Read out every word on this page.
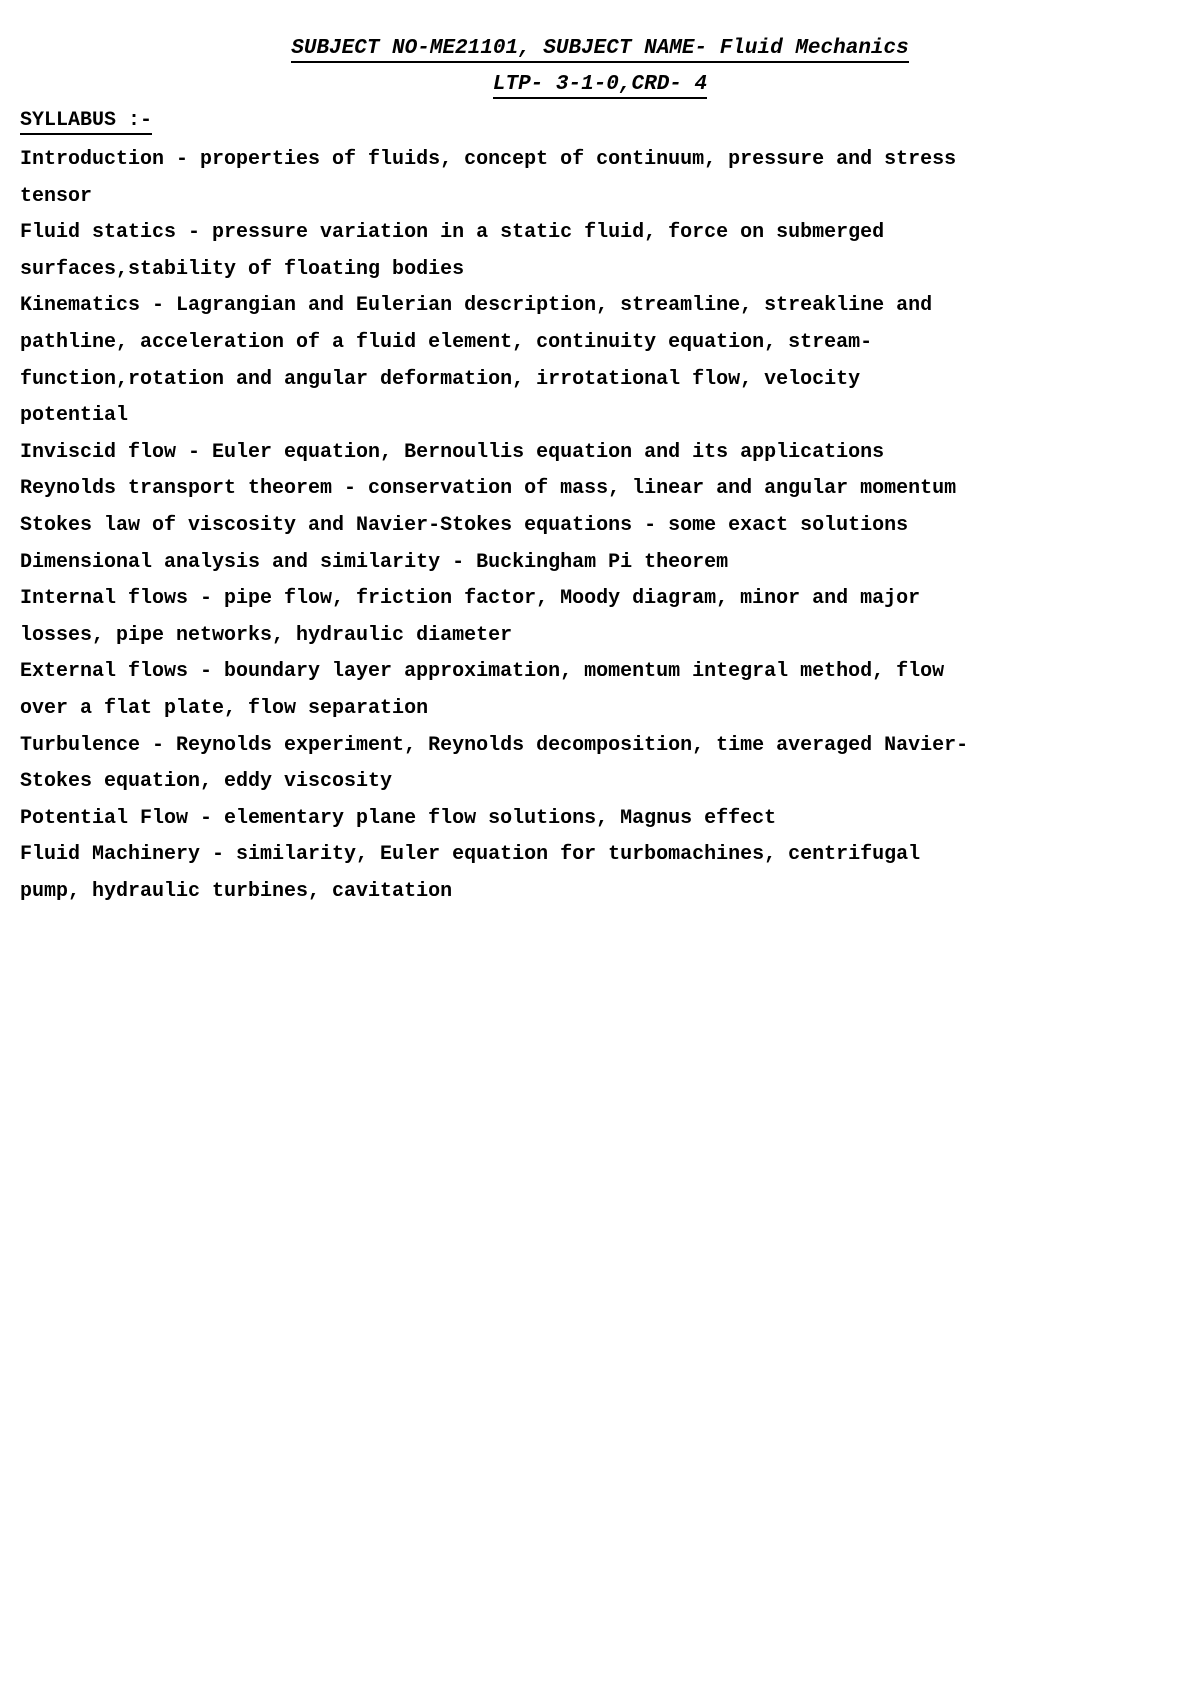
SUBJECT NO-ME21101, SUBJECT NAME- Fluid Mechanics
LTP- 3-1-0,CRD- 4
SYLLABUS :-

Introduction - properties of fluids, concept of continuum, pressure and stress
tensor

Fluid statics - pressure variation in a static fluid, force on submerged
surfaces,stability of floating bodies

Kinematics - Lagrangian and Eulerian description, streamline, streakline and
pathline, acceleration of a fluid element, continuity equation, stream-
function,rotation and angular deformation, irrotational flow, velocity
potential

Inviscid flow - Euler equation, Bernoullis equation and its applications

Reynolds transport theorem - conservation of mass, linear and angular momentum

Stokes law of viscosity and Navier-Stokes equations - some exact solutions

Dimensional analysis and similarity - Buckingham Pi theorem

Internal flows - pipe flow, friction factor, Moody diagram, minor and major
losses, pipe networks, hydraulic diameter

External flows - boundary layer approximation, momentum integral method, flow
over a flat plate, flow separation

Turbulence - Reynolds experiment, Reynolds decomposition, time averaged Navier-
Stokes equation, eddy viscosity

Potential Flow - elementary plane flow solutions, Magnus effect

Fluid Machinery - similarity, Euler equation for turbomachines, centrifugal
pump, hydraulic turbines, cavitation
